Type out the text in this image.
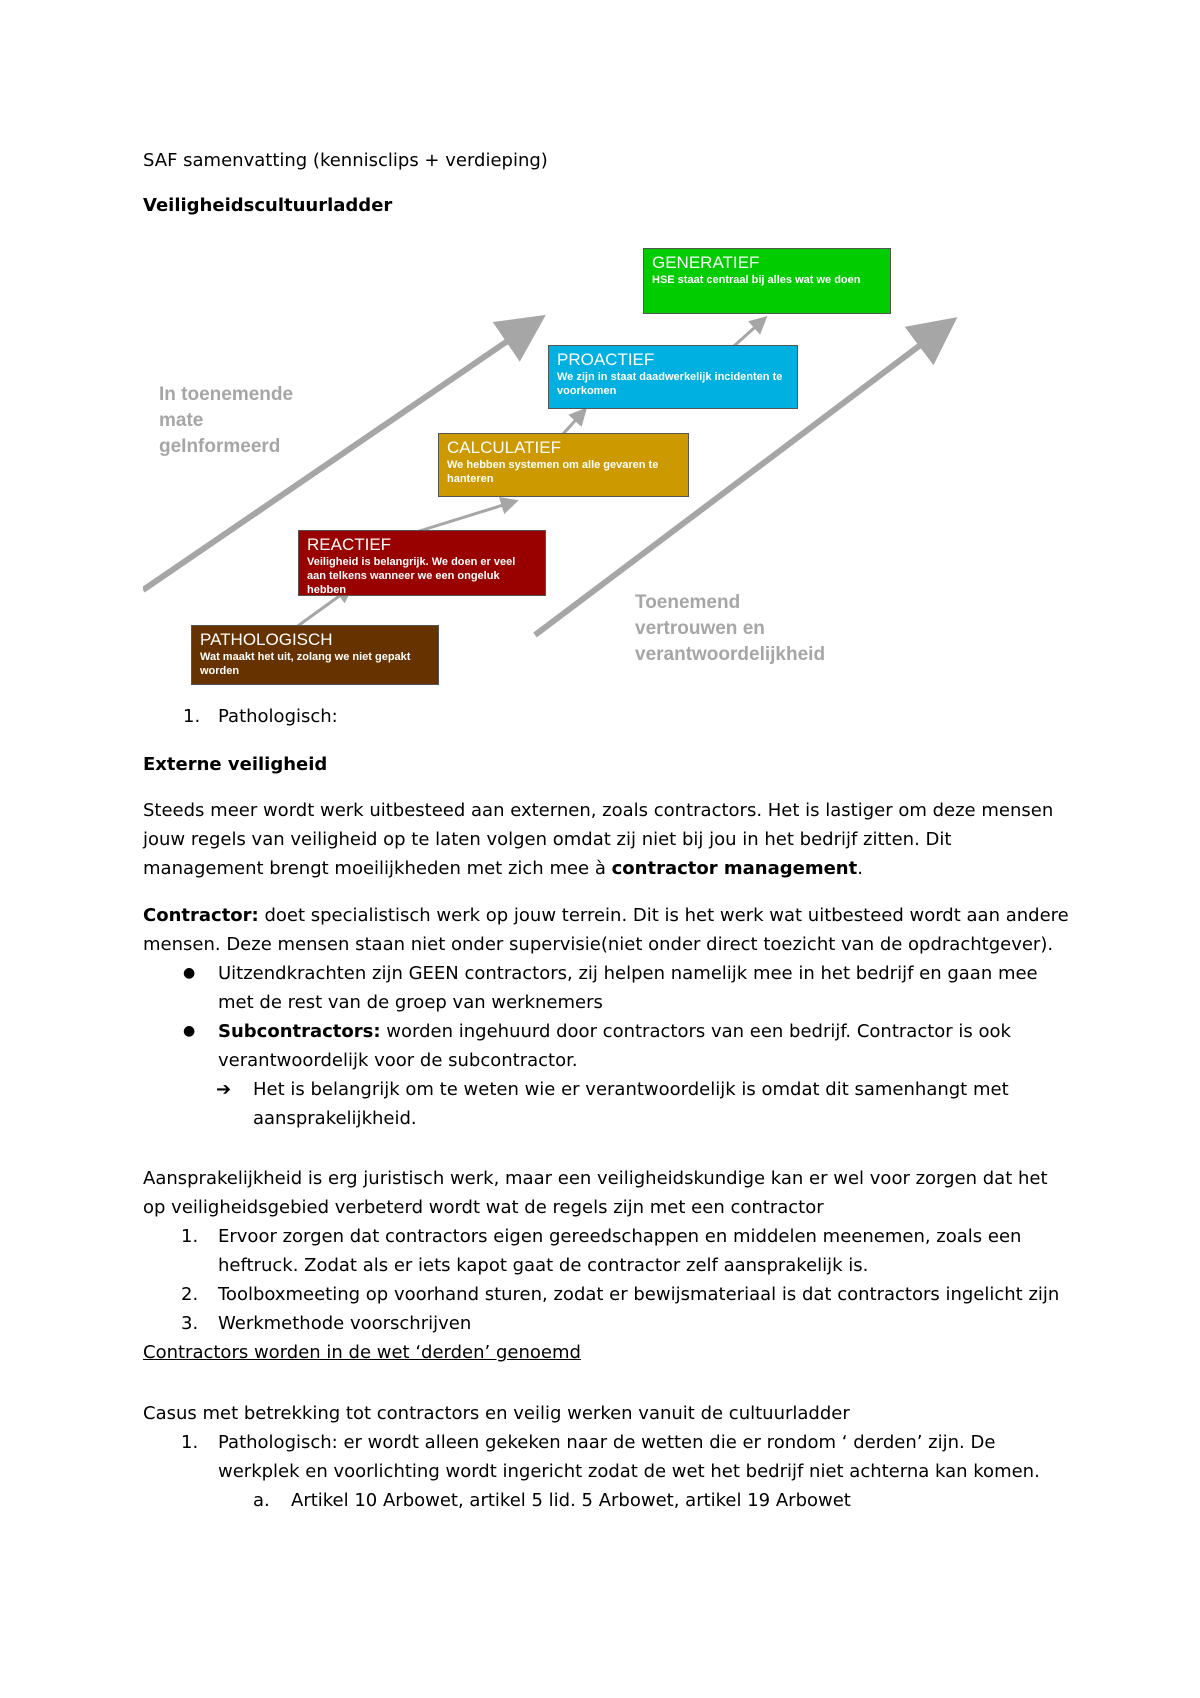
SAF samenvatting (kennisclips + verdieping)
Veiligheidscultuurladder
1. Pathologisch:
Externe veiligheid
Steeds meer wordt werk uitbesteed aan externen, zoals contractors. Het is lastiger om deze mensen
jouw regels van veiligheid op te laten volgen omdat zij niet bij jou in het bedrijf zitten. Dit
management brengt moeilijkheden met zich mee à contractor management.
Contractor: doet specialistisch werk op jouw terrein. Dit is het werk wat uitbesteed wordt aan andere
mensen. Deze mensen staan niet onder supervisie(niet onder direct toezicht van de opdrachtgever).
● Uitzendkrachten zijn GEEN contractors, zij helpen namelijk mee in het bedrijf en gaan mee
met de rest van de groep van werknemers
● Subcontractors: worden ingehuurd door contractors van een bedrijf. Contractor is ook
verantwoordelijk voor de subcontractor.
➔ Het is belangrijk om te weten wie er verantwoordelijk is omdat dit samenhangt met
aansprakelijkheid.
Aansprakelijkheid is erg juristisch werk, maar een veiligheidskundige kan er wel voor zorgen dat het
op veiligheidsgebied verbeterd wordt wat de regels zijn met een contractor
1. Ervoor zorgen dat contractors eigen gereedschappen en middelen meenemen, zoals een
heftruck. Zodat als er iets kapot gaat de contractor zelf aansprakelijk is.
2. Toolboxmeeting op voorhand sturen, zodat er bewijsmateriaal is dat contractors ingelicht zijn
3. Werkmethode voorschrijven
Contractors worden in de wet ‘derden’ genoemd
Casus met betrekking tot contractors en veilig werken vanuit de cultuurladder
1. Pathologisch: er wordt alleen gekeken naar de wetten die er rondom ‘ derden’ zijn. De
werkplek en voorlichting wordt ingericht zodat de wet het bedrijf niet achterna kan komen.
a. Artikel 10 Arbowet, artikel 5 lid. 5 Arbowet, artikel 19 Arbowet
In toenemende
mate
geInformeerd
Toenemend
vertrouwen en
verantwoordelijkheid
PATHOLOGISCH
Wat maakt het uit, zolang we niet gepakt worden
REACTIEF
Veiligheid is belangrijk. We doen er veel aan telkens wanneer we een ongeluk hebben
CALCULATIEF
We hebben systemen om alle gevaren te hanteren
PROACTIEF
We zijn in staat daadwerkelijk incidenten te voorkomen
GENERATIEF
HSE staat centraal bij alles wat we doen
